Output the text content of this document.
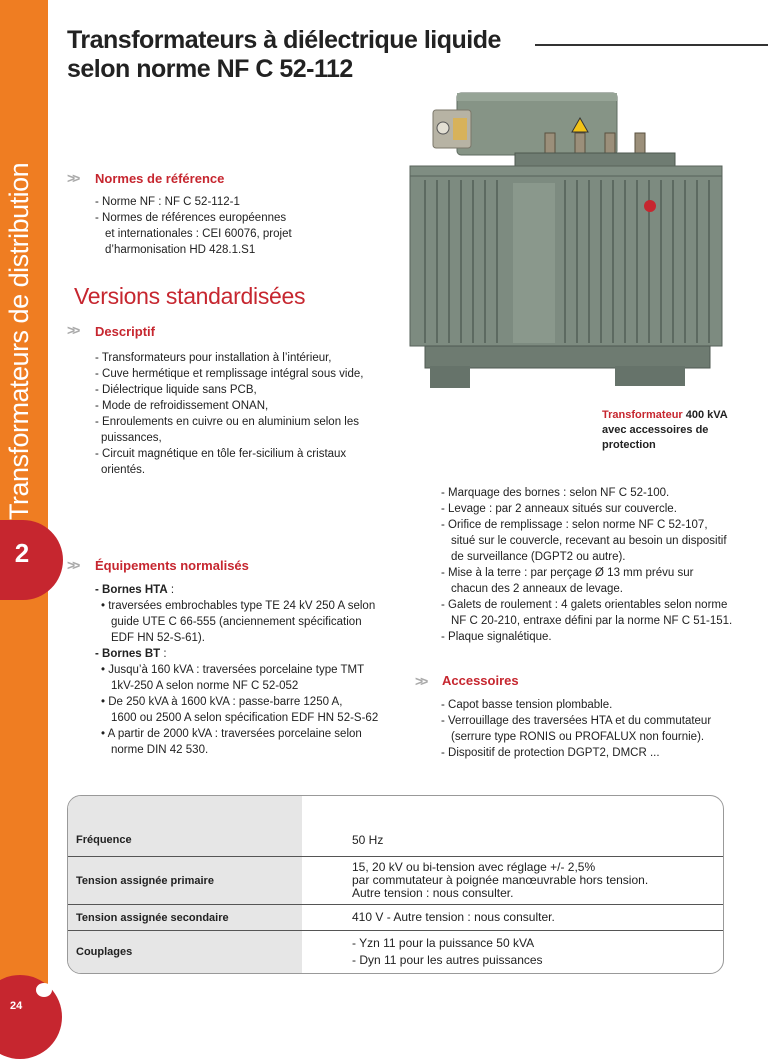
Transformateurs de distribution
2
24
Transformateurs à diélectrique liquide
selon norme NF C 52-112
>> Normes de référence
- Norme NF : NF C 52-112-1
- Normes de références européennes
et internationales : CEI 60076, projet
d’harmonisation HD 428.1.S1
Versions standardisées
>> Descriptif
- Transformateurs pour installation à l’intérieur,
- Cuve hermétique et remplissage intégral sous vide,
- Diélectrique liquide sans PCB,
- Mode de refroidissement ONAN,
- Enroulements en cuivre ou en aluminium selon les
puissances,
- Circuit magnétique en tôle fer-sicilium à cristaux
orientés.
>> Équipements normalisés
- Bornes HTA :
• traversées embrochables type TE 24 kV 250 A selon
guide UTE C 66-555 (anciennement spécification
EDF HN 52-S-61).
- Bornes BT :
• Jusqu’à 160 kVA : traversées porcelaine type TMT
1kV-250 A selon norme NF C 52-052
• De 250 kVA à 1600 kVA : passe-barre 1250 A,
1600 ou 2500 A selon spécification EDF HN 52-S-62
• A partir de 2000 kVA : traversées porcelaine selon
norme DIN 42 530.
Transformateur 400 kVA
avec accessoires de
protection
- Marquage des bornes : selon NF C 52-100.
- Levage : par 2 anneaux situés sur couvercle.
- Orifice de remplissage : selon norme NF C 52-107,
situé sur le couvercle, recevant au besoin un dispositif
de surveillance (DGPT2 ou autre).
- Mise à la terre : par perçage Ø 13 mm prévu sur
chacun des 2 anneaux de levage.
- Galets de roulement : 4 galets orientables selon norme
NF C 20-210, entraxe défini par la norme NF C 51-151.
- Plaque signalétique.
>> Accessoires
- Capot basse tension plombable.
- Verrouillage des traversées HTA et du commutateur
(serrure type RONIS ou PROFALUX non fournie).
- Dispositif de protection DGPT2, DMCR ...

Fréquence	50 Hz

Tension assignée primaire	15, 20 kV ou bi-tension avec réglage +/- 2,5%
par commutateur à poignée manœuvrable hors tension.
Autre tension : nous consulter.

Tension assignée secondaire	410 V - Autre tension : nous consulter.

Couplages	- Yzn 11 pour la puissance 50 kVA
- Dyn 11 pour les autres puissances
